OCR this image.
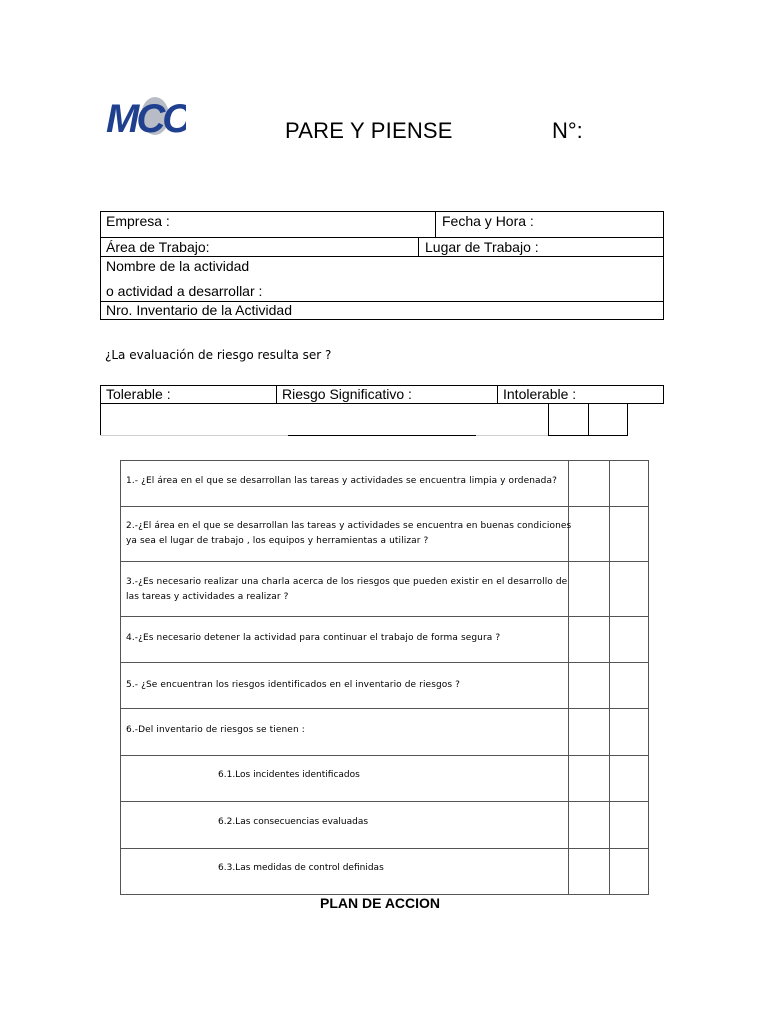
MCO	PARE Y PIENSE	N°:
Empresa :	Fecha y Hora :
Área de Trabajo:	Lugar de Trabajo :
Nombre de la actividad
o actividad a desarrollar :
Nro. Inventario de la Actividad
¿La evaluación de riesgo resulta ser ?
Tolerable :	Riesgo Significativo :	Intolerable :
1.- ¿El área en el que se desarrollan las tareas y actividades se encuentra limpia y ordenada?
2.-¿El área en el que se desarrollan las tareas y actividades se encuentra en buenas condiciones
ya sea el lugar de trabajo , los equipos y herramientas a utilizar ?
3.-¿Es necesario realizar una charla acerca de los riesgos que pueden existir en el desarrollo de
las tareas y actividades a realizar ?
4.-¿Es necesario detener la actividad para continuar el trabajo de forma segura ?
5.- ¿Se encuentran los riesgos identificados en el inventario de riesgos ?
6.-Del inventario de riesgos se tienen :
6.1.Los incidentes identificados
6.2.Las consecuencias evaluadas
6.3.Las medidas de control definidas
PLAN DE ACCION
